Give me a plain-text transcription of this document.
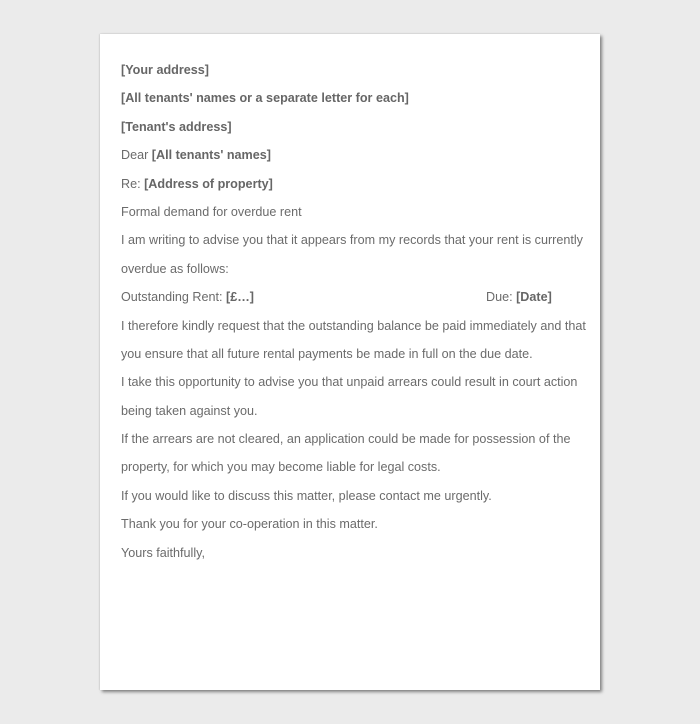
[Your address]
[All tenants' names or a separate letter for each]
[Tenant's address]
Dear [All tenants' names]
Re: [Address of property]
Formal demand for overdue rent
I am writing to advise you that it appears from my records that your rent is currently
overdue as follows:
Outstanding Rent: [£…]	Due: [Date]
I therefore kindly request that the outstanding balance be paid immediately and that
you ensure that all future rental payments be made in full on the due date.
I take this opportunity to advise you that unpaid arrears could result in court action
being taken against you.
If the arrears are not cleared, an application could be made for possession of the
property, for which you may become liable for legal costs.
If you would like to discuss this matter, please contact me urgently.
Thank you for your co-operation in this matter.
Yours faithfully,
